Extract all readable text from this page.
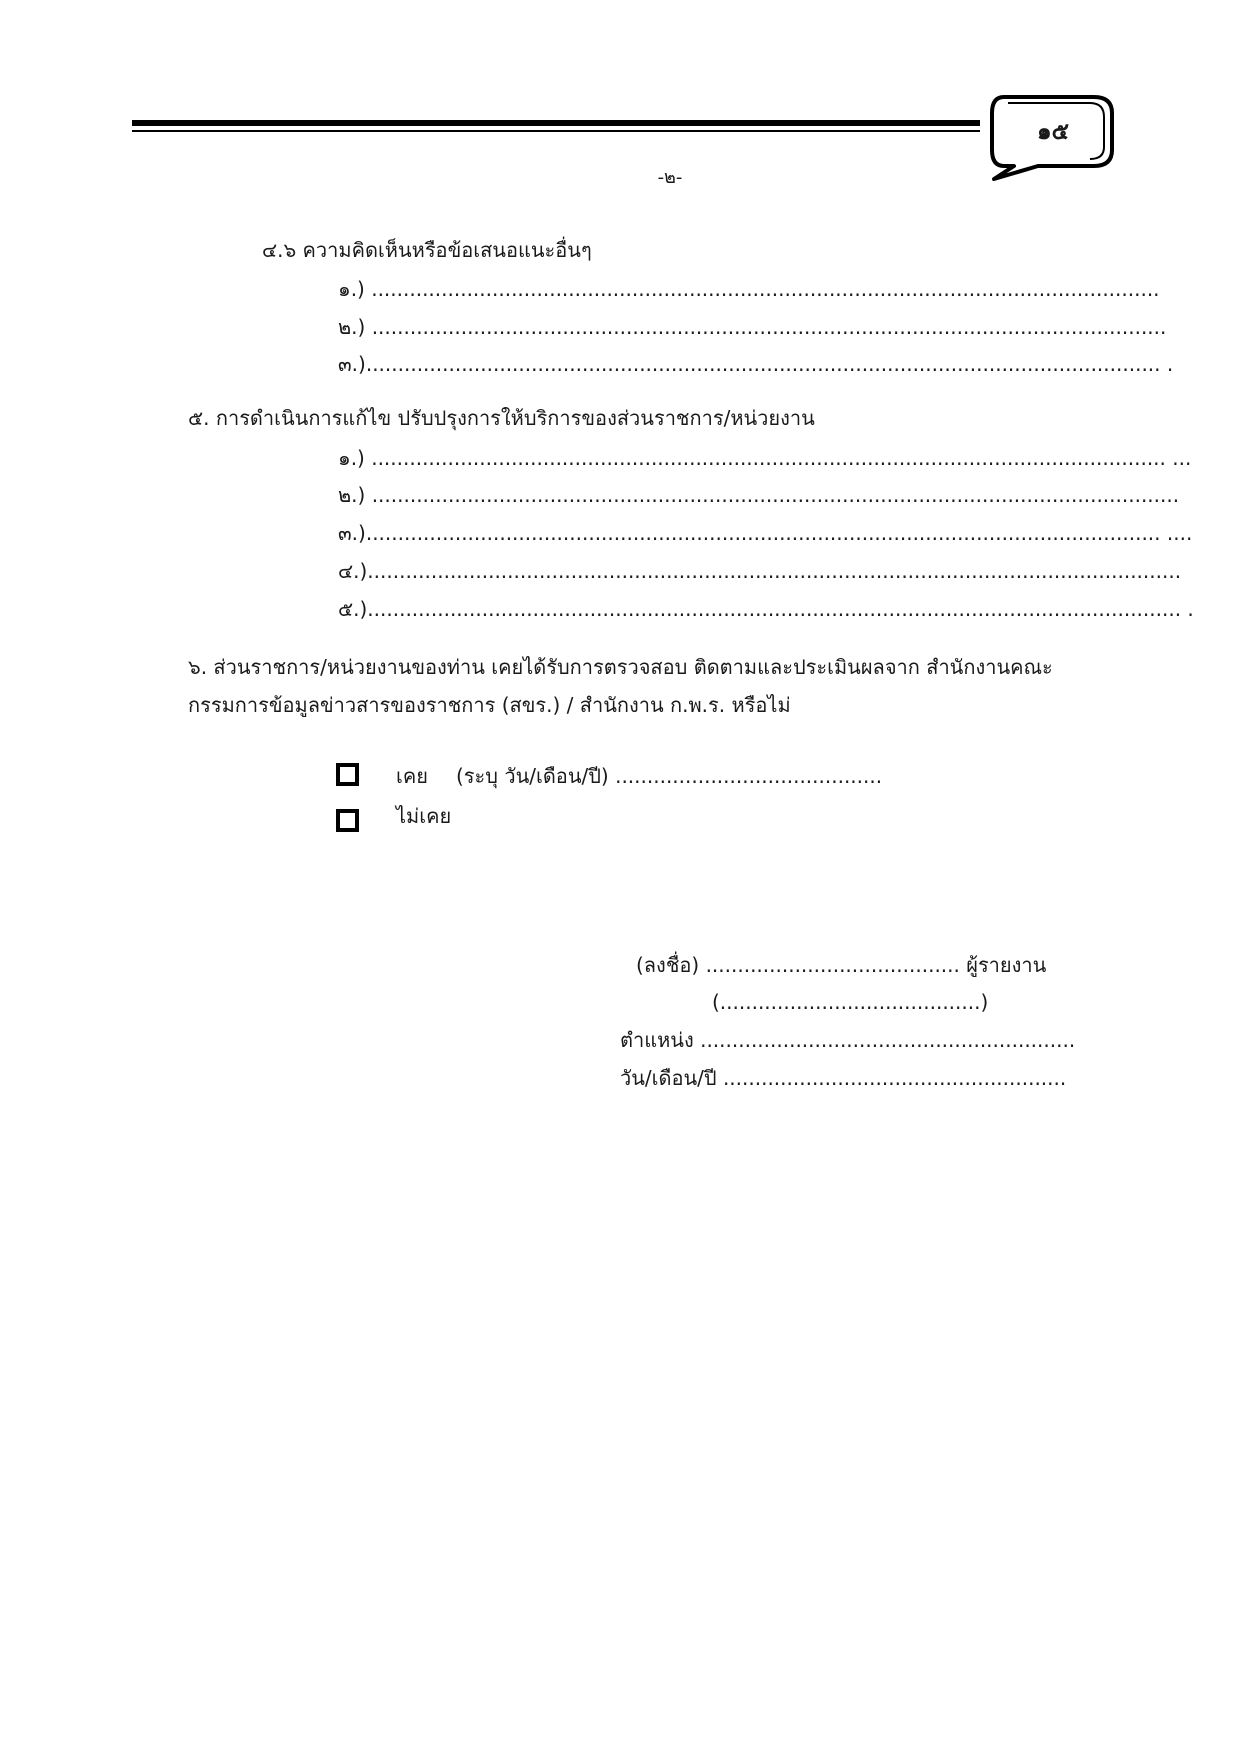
๑๕
-๒-
๔.๖ ความคิดเห็นหรือข้อเสนอแนะอื่นๆ
๑.) ............................................................................................................................
๒.) .............................................................................................................................
๓.)............................................................................................................................. .
๕. การดำเนินการแก้ไข ปรับปรุงการให้บริการของส่วนราชการ/หน่วยงาน
๑.) ............................................................................................................................. ...
๒.) ...............................................................................................................................
๓.)............................................................................................................................. ....
๔.)................................................................................................................................
๕.)................................................................................................................................ .
๖. ส่วนราชการ/หน่วยงานของท่าน เคยได้รับการตรวจสอบ ติดตามและประเมินผลจาก สำนักงานคณะกรรมการข้อมูลข่าวสารของราชการ (สขร.) / สำนักงาน ก.พ.ร. หรือไม่
เคย (ระบุ วัน/เดือน/ปี) ..........................................
ไม่เคย
(ลงชื่อ) ........................................ ผู้รายงาน
(.........................................)
ตำแหน่ง ...........................................................
วัน/เดือน/ปี ......................................................
